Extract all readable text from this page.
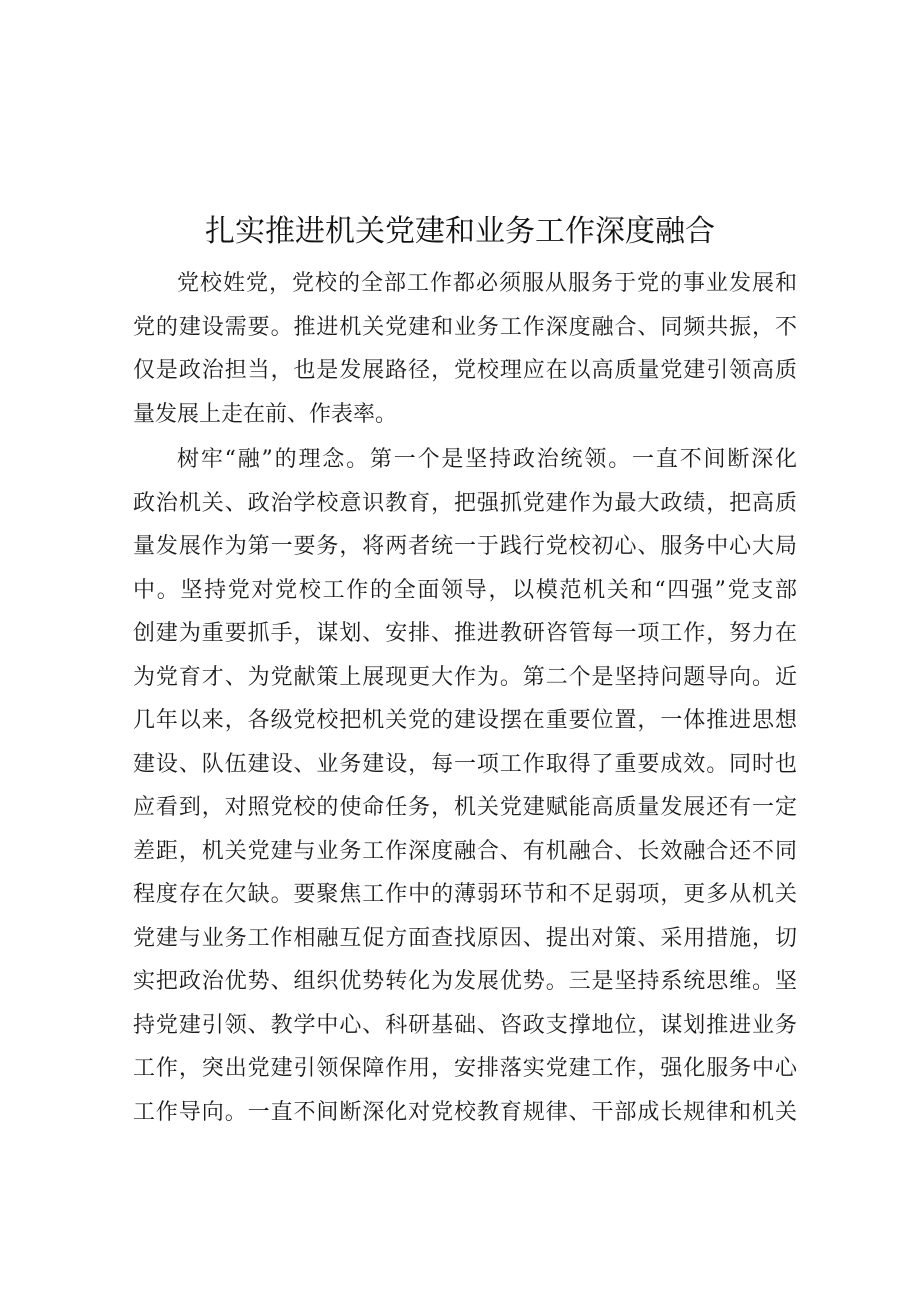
扎实推进机关党建和业务工作深度融合
党校姓党，党校的全部工作都必须服从服务于党的事业发展和
党的建设需要。推进机关党建和业务工作深度融合、同频共振，不
仅是政治担当，也是发展路径，党校理应在以高质量党建引领高质
量发展上走在前、作表率。
树牢“融”的理念。第一个是坚持政治统领。一直不间断深化
政治机关、政治学校意识教育，把强抓党建作为最大政绩，把高质
量发展作为第一要务，将两者统一于践行党校初心、服务中心大局
中。坚持党对党校工作的全面领导，以模范机关和“四强”党支部
创建为重要抓手，谋划、安排、推进教研咨管每一项工作，努力在
为党育才、为党献策上展现更大作为。第二个是坚持问题导向。近
几年以来，各级党校把机关党的建设摆在重要位置，一体推进思想
建设、队伍建设、业务建设，每一项工作取得了重要成效。同时也
应看到，对照党校的使命任务，机关党建赋能高质量发展还有一定
差距，机关党建与业务工作深度融合、有机融合、长效融合还不同
程度存在欠缺。要聚焦工作中的薄弱环节和不足弱项，更多从机关
党建与业务工作相融互促方面查找原因、提出对策、采用措施，切
实把政治优势、组织优势转化为发展优势。三是坚持系统思维。坚
持党建引领、教学中心、科研基础、咨政支撑地位，谋划推进业务
工作，突出党建引领保障作用，安排落实党建工作，强化服务中心
工作导向。一直不间断深化对党校教育规律、干部成长规律和机关
